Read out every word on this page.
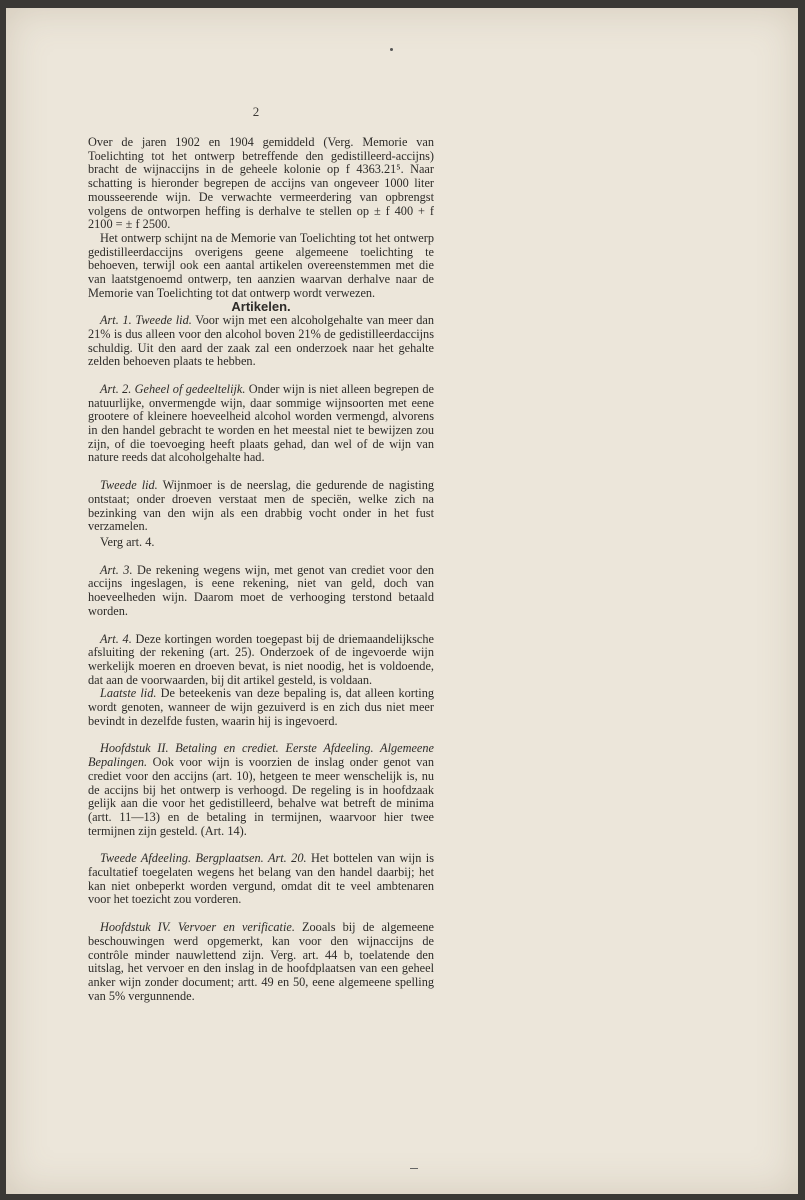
2

Over de jaren 1902 en 1904 gemiddeld (Verg. Memorie van Toelichting tot het ontwerp betreffende den gedistilleerd-accijns) bracht de wijnaccijns in de geheele kolonie op f 4363.21⁵. Naar schatting is hieronder begrepen de accijns van ongeveer 1000 liter mousseerende wijn. De verwachte vermeerdering van opbrengst volgens de ontworpen heffing is derhalve te stellen op ± f 400 + f 2100 = ± f 2500.

Het ontwerp schijnt na de Memorie van Toelichting tot het ontwerp gedistilleerdaccijns overigens geene algemeene toelichting te behoeven, terwijl ook een aantal artikelen overeenstemmen met die van laatstgenoemd ontwerp, ten aanzien waarvan derhalve naar de Memorie van Toelichting tot dat ontwerp wordt verwezen.

Artikelen.

Art. 1. Tweede lid. Voor wijn met een alcoholgehalte van meer dan 21% is dus alleen voor den alcohol boven 21% de gedistilleerdaccijns schuldig. Uit den aard der zaak zal een onderzoek naar het gehalte zelden behoeven plaats te hebben.

Art. 2. Geheel of gedeeltelijk. Onder wijn is niet alleen begrepen de natuurlijke, onvermengde wijn, daar sommige wijnsoorten met eene grootere of kleinere hoeveelheid alcohol worden vermengd, alvorens in den handel gebracht te worden en het meestal niet te bewijzen zou zijn, of die toevoeging heeft plaats gehad, dan wel of de wijn van nature reeds dat alcoholgehalte had.

Tweede lid. Wijnmoer is de neerslag, die gedurende de nagisting ontstaat; onder droeven verstaat men de speciën, welke zich na bezinking van den wijn als een drabbig vocht onder in het fust verzamelen.

Verg art. 4.

Art. 3. De rekening wegens wijn, met genot van crediet voor den accijns ingeslagen, is eene rekening, niet van geld, doch van hoeveelheden wijn. Daarom moet de verhooging terstond betaald worden.

Art. 4. Deze kortingen worden toegepast bij de driemaandelijksche afsluiting der rekening (art. 25). Onderzoek of de ingevoerde wijn werkelijk moeren en droeven bevat, is niet noodig, het is voldoende, dat aan de voorwaarden, bij dit artikel gesteld, is voldaan.

Laatste lid. De beteekenis van deze bepaling is, dat alleen korting wordt genoten, wanneer de wijn gezuiverd is en zich dus niet meer bevindt in dezelfde fusten, waarin hij is ingevoerd.

Hoofdstuk II. Betaling en crediet. Eerste Afdeeling. Algemeene Bepalingen. Ook voor wijn is voorzien de inslag onder genot van crediet voor den accijns (art. 10), hetgeen te meer wenschelijk is, nu de accijns bij het ontwerp is verhoogd. De regeling is in hoofdzaak gelijk aan die voor het gedistilleerd, behalve wat betreft de minima (artt. 11—13) en de betaling in termijnen, waarvoor hier twee termijnen zijn gesteld. (Art. 14).

Tweede Afdeeling. Bergplaatsen. Art. 20. Het bottelen van wijn is facultatief toegelaten wegens het belang van den handel daarbij; het kan niet onbeperkt worden vergund, omdat dit te veel ambtenaren voor het toezicht zou vorderen.

Hoofdstuk IV. Vervoer en verificatie. Zooals bij de algemeene beschouwingen werd opgemerkt, kan voor den wijnaccijns de contrôle minder nauwlettend zijn. Verg. art. 44 b, toelatende den uitslag, het vervoer en den inslag in de hoofdplaatsen van een geheel anker wijn zonder document; artt. 49 en 50, eene algemeene spelling van 5% vergunnende.
